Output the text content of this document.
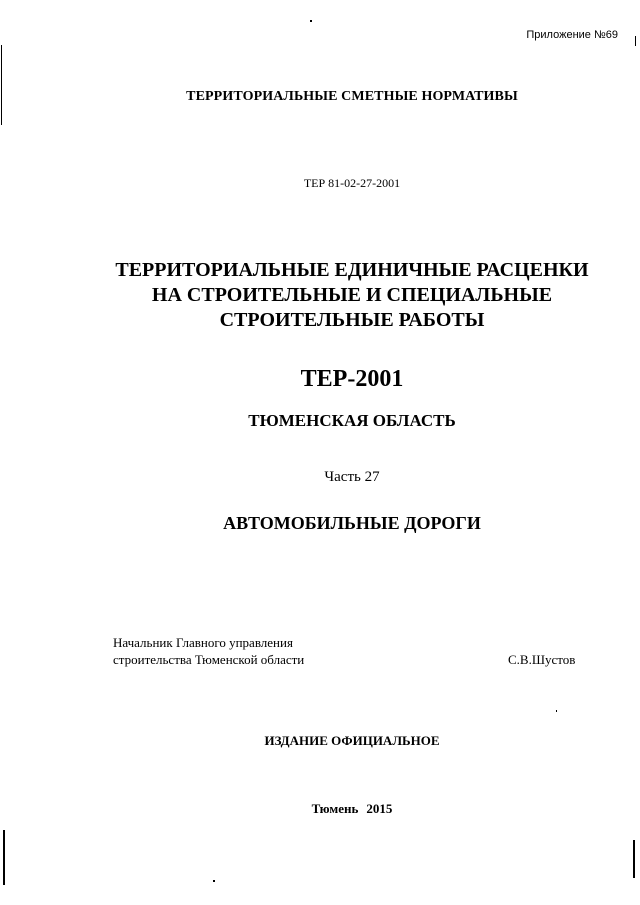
Приложение №69
ТЕРРИТОРИАЛЬНЫЕ СМЕТНЫЕ НОРМАТИВЫ
ТЕР 81-02-27-2001
ТЕРРИТОРИАЛЬНЫЕ ЕДИНИЧНЫЕ РАСЦЕНКИ
НА СТРОИТЕЛЬНЫЕ И СПЕЦИАЛЬНЫЕ
СТРОИТЕЛЬНЫЕ РАБОТЫ
ТЕР-2001
ТЮМЕНСКАЯ ОБЛАСТЬ
Часть 27
АВТОМОБИЛЬНЫЕ ДОРОГИ
Начальник Главного управления
строительства Тюменской области	С.В.Шустов
ИЗДАНИЕ ОФИЦИАЛЬНОЕ
Тюмень 2015
